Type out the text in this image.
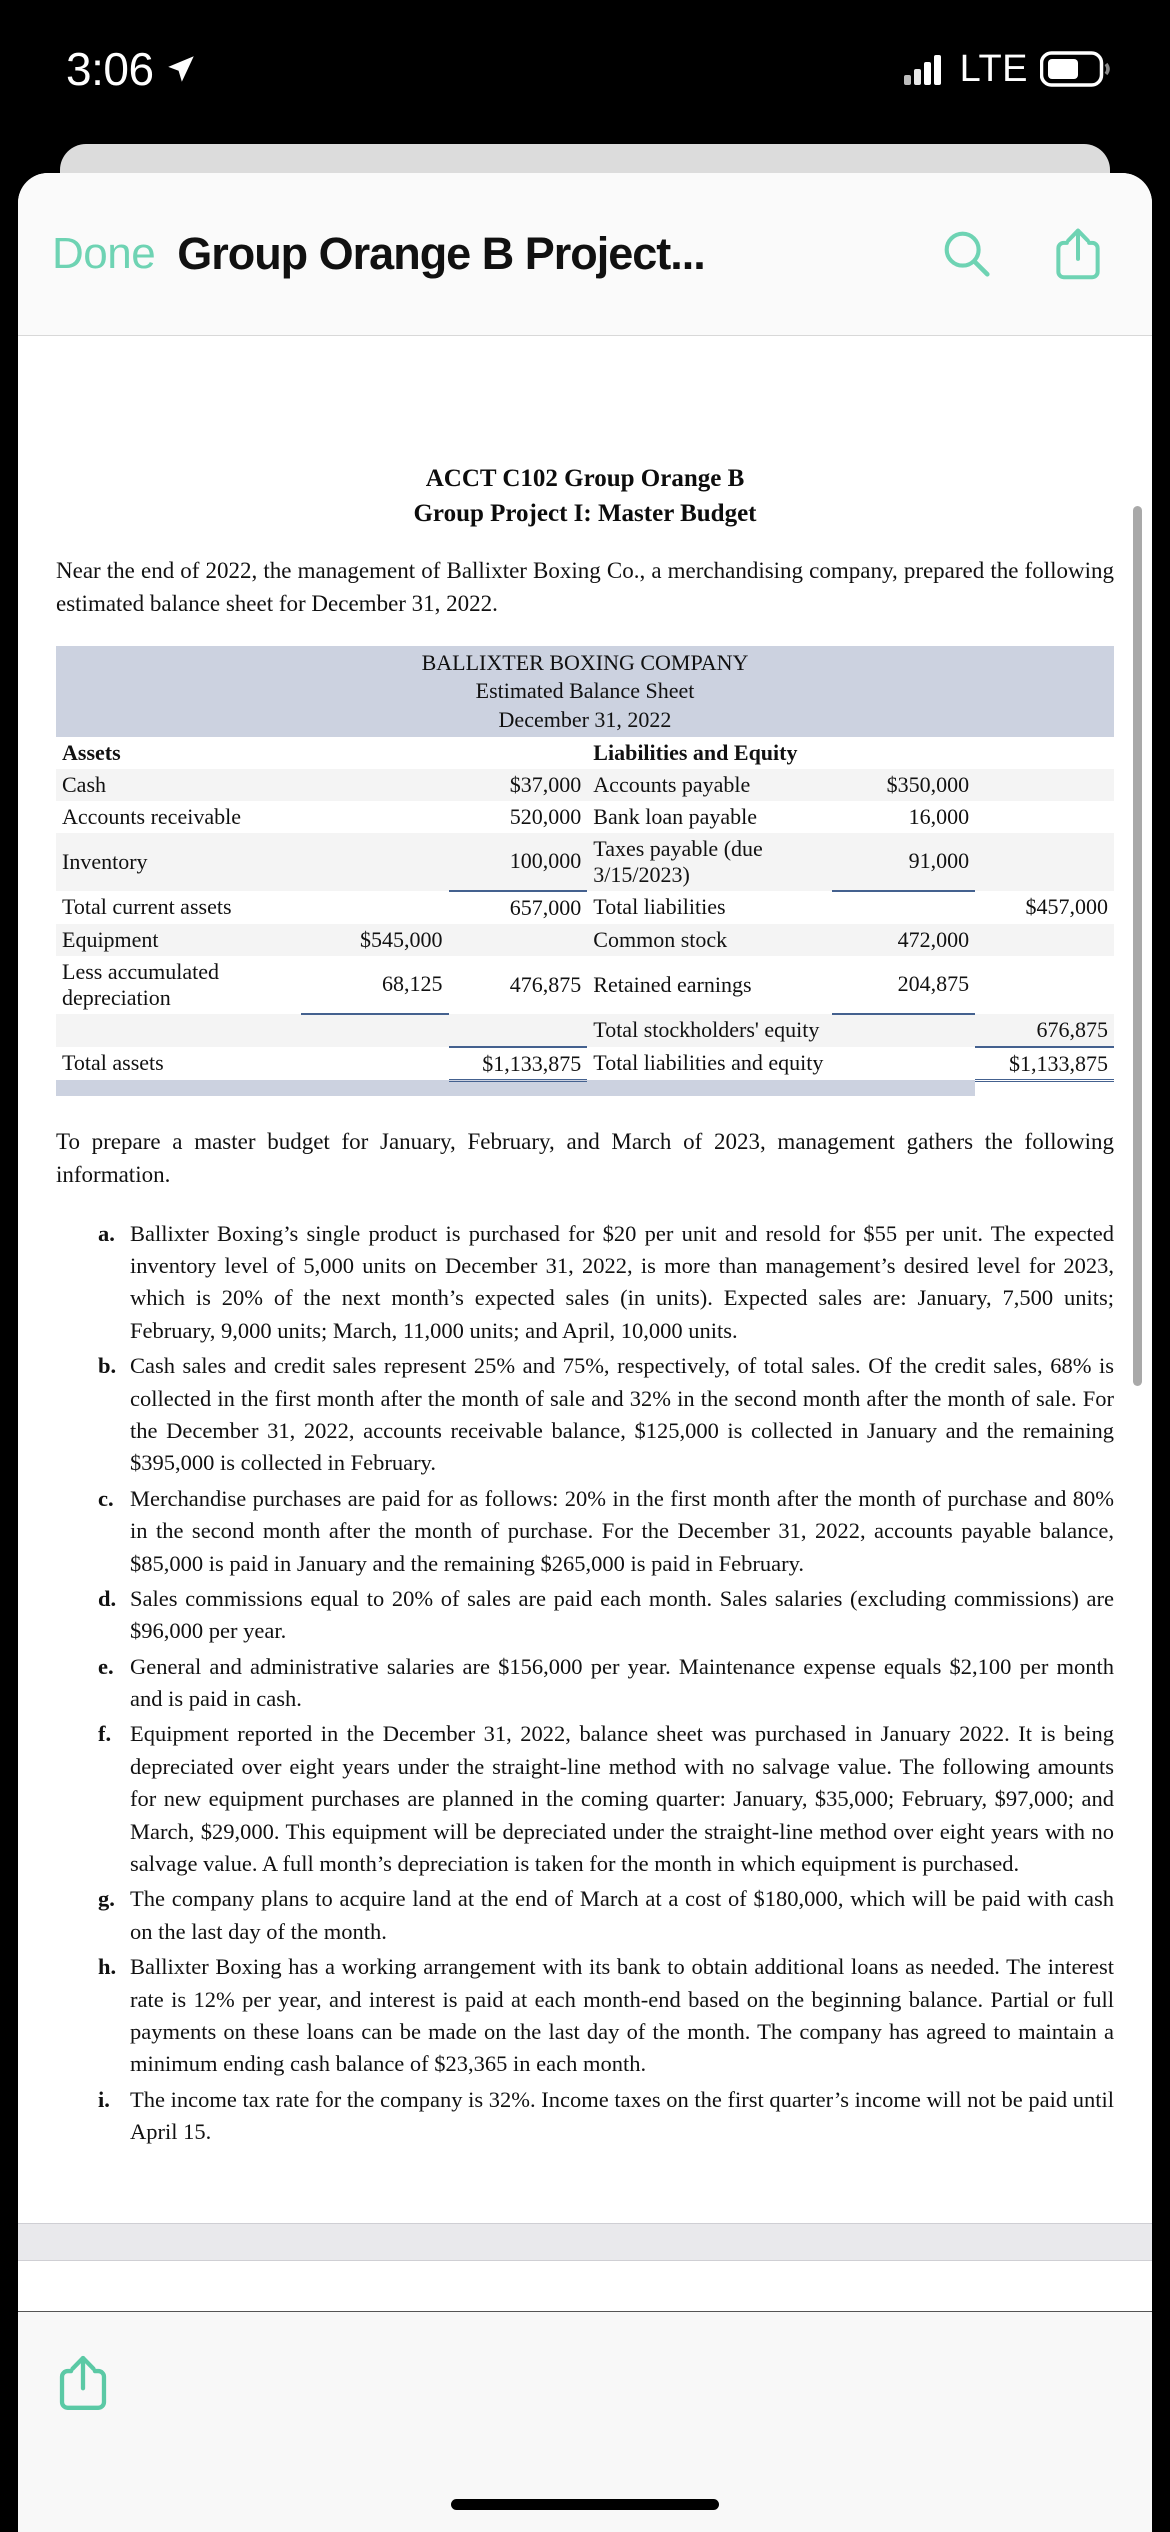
3:06	LTE
Done Group Orange B Project...
ACCT C102 Group Orange B
Group Project I: Master Budget

Near the end of 2022, the management of Ballixter Boxing Co., a merchandising company, prepared the following estimated balance sheet for December 31, 2022.

BALLIXTER BOXING COMPANY
Estimated Balance Sheet
December 31, 2022					

Assets			Liabilities and Equity		
Cash		$37,000	Accounts payable	$350,000	
Accounts receivable		520,000	Bank loan payable	16,000	
Inventory		100,000	Taxes payable (due 3/15/2023)	91,000	
Total current assets		657,000	Total liabilities		$457,000
Equipment	$545,000		Common stock	472,000	
Less accumulated depreciation	68,125	476,875	Retained earnings	204,875	
			Total stockholders' equity		676,875
Total assets		$1,133,875	Total liabilities and equity		$1,133,875

To prepare a master budget for January, February, and March of 2023, management gathers the following information.

Ballixter Boxing’s single product is purchased for $20 per unit and resold for $55 per unit. The expected inventory level of 5,000 units on December 31, 2022, is more than management’s desired level for 2023, which is 20% of the next month’s expected sales (in units). Expected sales are: January, 7,500 units; February, 9,000 units; March, 11,000 units; and April, 10,000 units.
Cash sales and credit sales represent 25% and 75%, respectively, of total sales. Of the credit sales, 68% is collected in the first month after the month of sale and 32% in the second month after the month of sale. For the December 31, 2022, accounts receivable balance, $125,000 is collected in January and the remaining $395,000 is collected in February.
Merchandise purchases are paid for as follows: 20% in the first month after the month of purchase and 80% in the second month after the month of purchase. For the December 31, 2022, accounts payable balance, $85,000 is paid in January and the remaining $265,000 is paid in February.
Sales commissions equal to 20% of sales are paid each month. Sales salaries (excluding commissions) are $96,000 per year.
General and administrative salaries are $156,000 per year. Maintenance expense equals $2,100 per month and is paid in cash.
Equipment reported in the December 31, 2022, balance sheet was purchased in January 2022. It is being depreciated over eight years under the straight-line method with no salvage value. The following amounts for new equipment purchases are planned in the coming quarter: January, $35,000; February, $97,000; and March, $29,000. This equipment will be depreciated under the straight-line method over eight years with no salvage value. A full month’s depreciation is taken for the month in which equipment is purchased.
The company plans to acquire land at the end of March at a cost of $180,000, which will be paid with cash on the last day of the month.
Ballixter Boxing has a working arrangement with its bank to obtain additional loans as needed. The interest rate is 12% per year, and interest is paid at each month-end based on the beginning balance. Partial or full payments on these loans can be made on the last day of the month. The company has agreed to maintain a minimum ending cash balance of $23,365 in each month.
The income tax rate for the company is 32%. Income taxes on the first quarter’s income will not be paid until April 15.
